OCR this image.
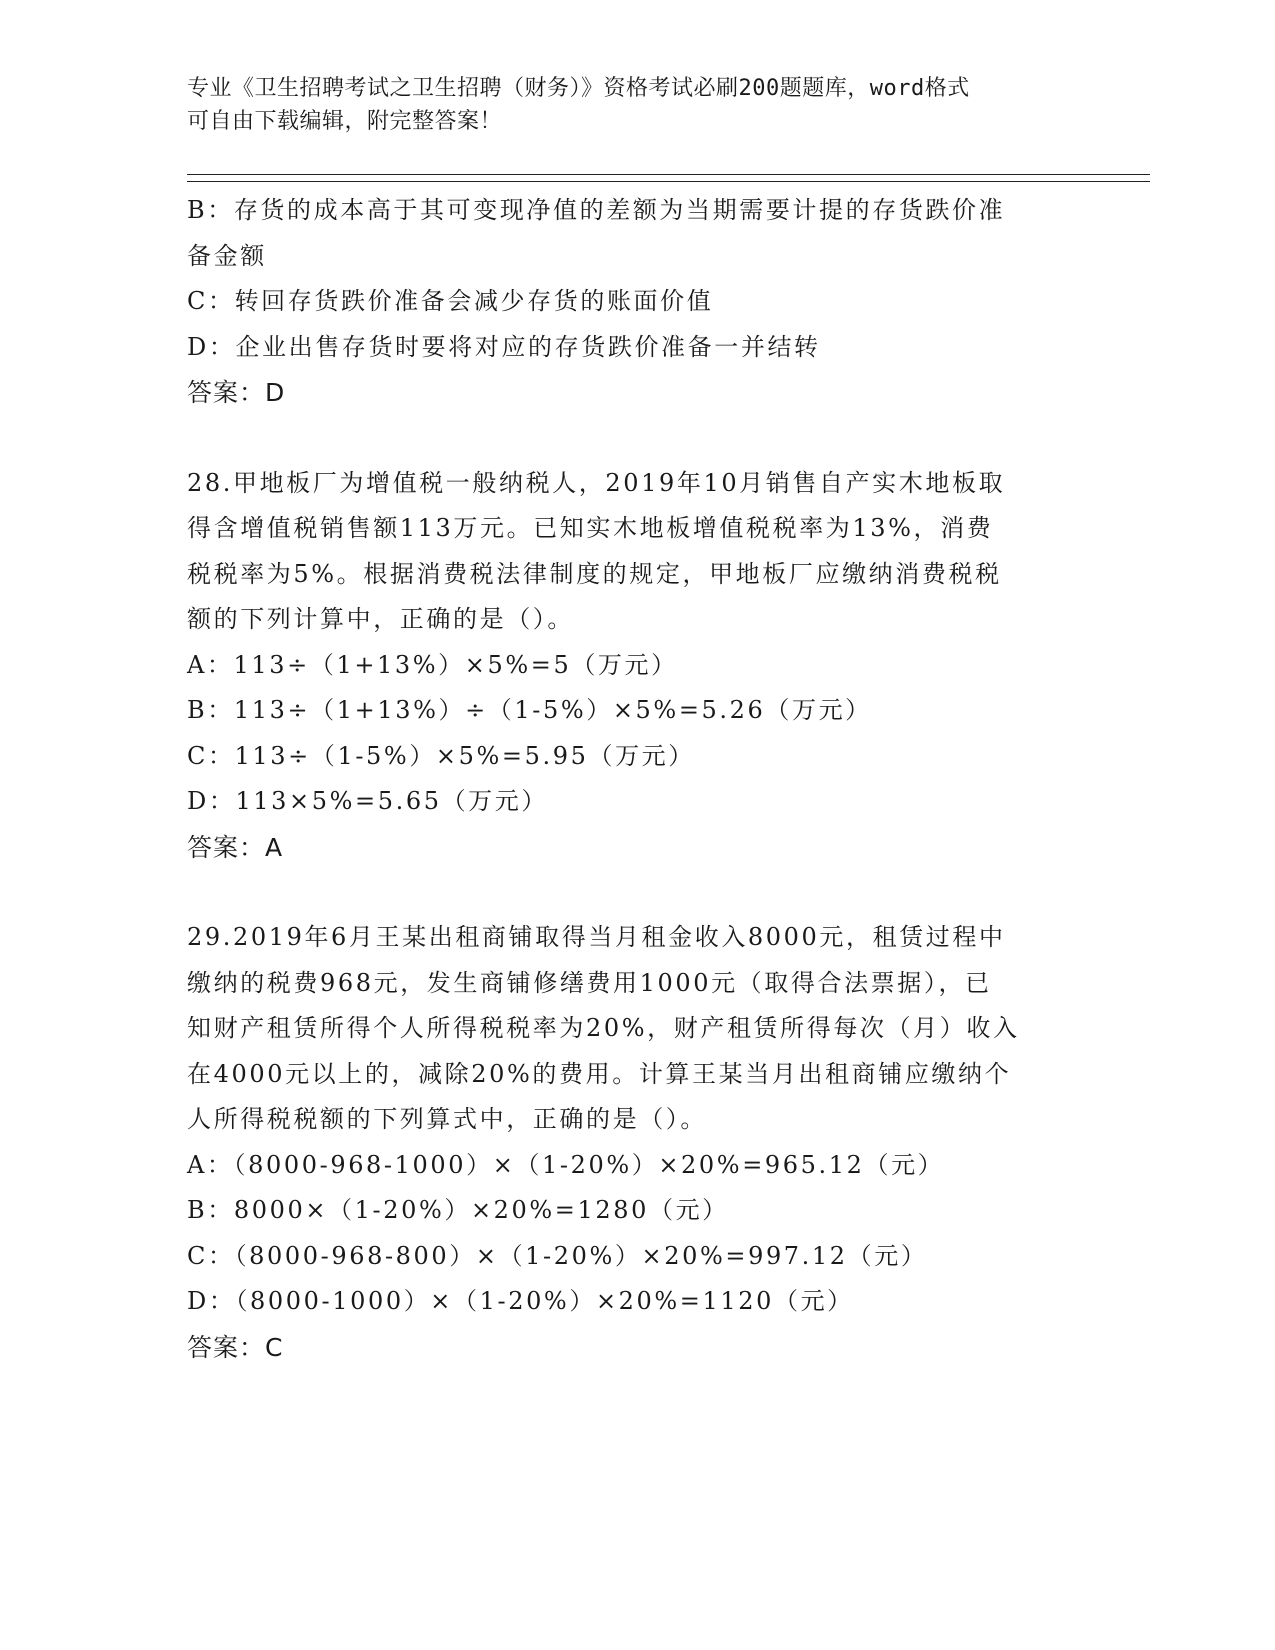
专业《卫生招聘考试之卫生招聘（财务）》资格考试必刷200题题库，word格式
可自由下载编辑，附完整答案！
B：存货的成本高于其可变现净值的差额为当期需要计提的存货跌价准
备金额
C：转回存货跌价准备会减少存货的账面价值
D：企业出售存货时要将对应的存货跌价准备一并结转
答案：D
28.甲地板厂为增值税一般纳税人，2019年10月销售自产实木地板取
得含增值税销售额113万元。已知实木地板增值税税率为13%，消费
税税率为5%。根据消费税法律制度的规定，甲地板厂应缴纳消费税税
额的下列计算中，正确的是（）。
A：113÷（1+13%）×5%=5（万元）
B：113÷（1+13%）÷（1-5%）×5%=5.26（万元）
C：113÷（1-5%）×5%=5.95（万元）
D：113×5%=5.65（万元）
答案：A
29.2019年6月王某出租商铺取得当月租金收入8000元，租赁过程中
缴纳的税费968元，发生商铺修缮费用1000元（取得合法票据），已
知财产租赁所得个人所得税税率为20%，财产租赁所得每次（月）收入
在4000元以上的，减除20%的费用。计算王某当月出租商铺应缴纳个
人所得税税额的下列算式中，正确的是（）。
A：（8000-968-1000）×（1-20%）×20%=965.12（元）
B：8000×（1-20%）×20%=1280（元）
C：（8000-968-800）×（1-20%）×20%=997.12（元）
D：（8000-1000）×（1-20%）×20%=1120（元）
答案：C
